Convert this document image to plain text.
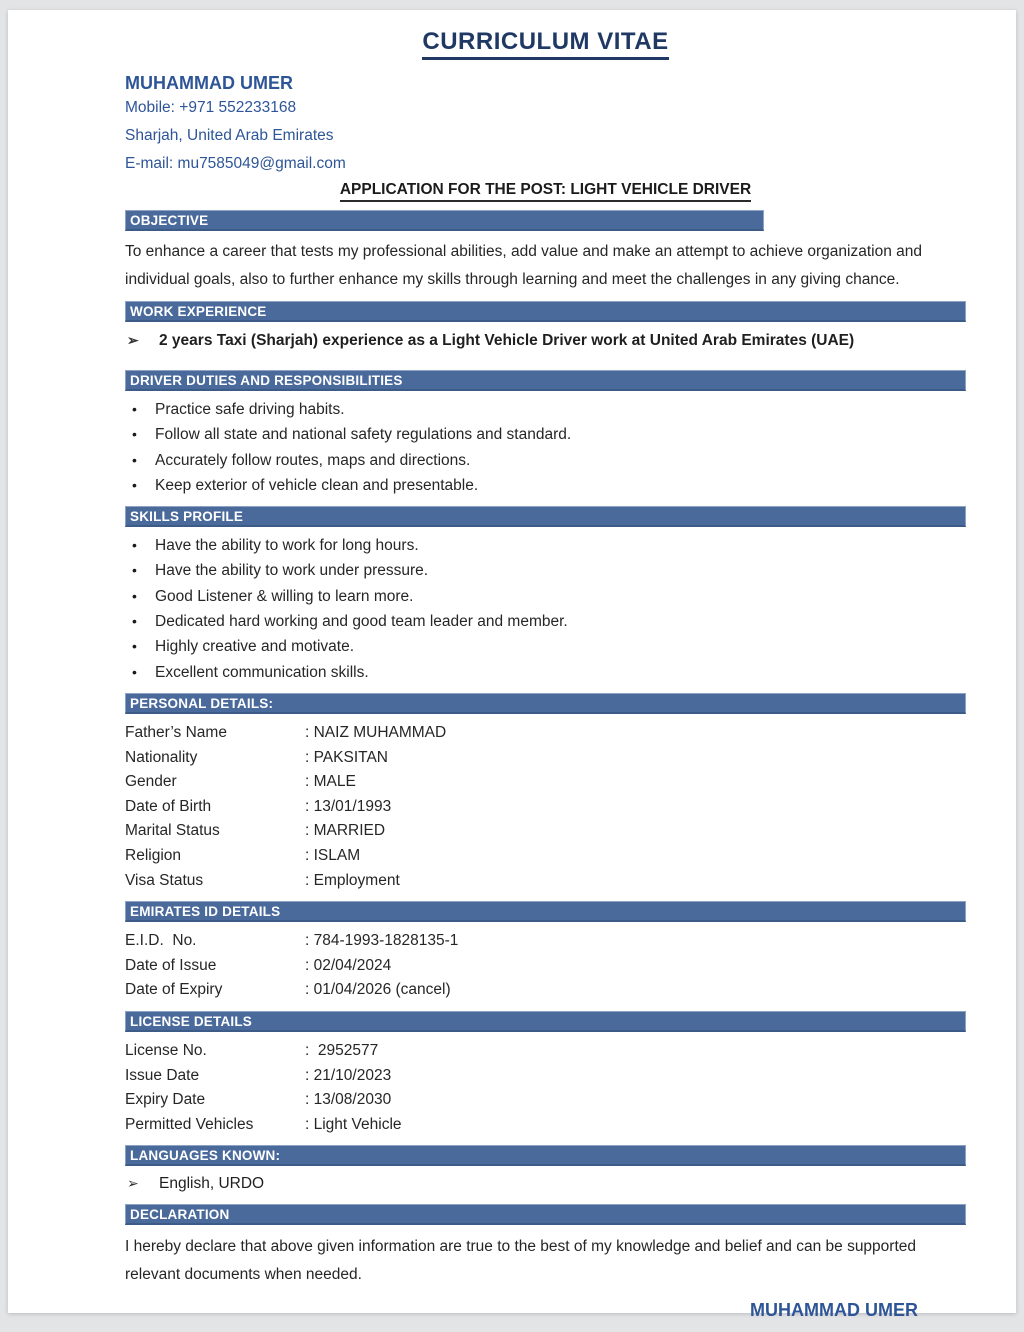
CURRICULUM VITAE
MUHAMMAD UMER
Mobile: +971 552233168
Sharjah, United Arab Emirates
E-mail: mu7585049@gmail.com
APPLICATION FOR THE POST: LIGHT VEHICLE DRIVER
OBJECTIVE
To enhance a career that tests my professional abilities, add value and make an attempt to achieve organization and individual goals, also to further enhance my skills through learning and meet the challenges in any giving chance.
WORK EXPERIENCE
➢	2 years Taxi (Sharjah) experience as a Light Vehicle Driver work at United Arab Emirates (UAE)
DRIVER DUTIES AND RESPONSIBILITIES
•	Practice safe driving habits.
•	Follow all state and national safety regulations and standard.
•	Accurately follow routes, maps and directions.
•	Keep exterior of vehicle clean and presentable.
SKILLS PROFILE
•	Have the ability to work for long hours.
•	Have the ability to work under pressure.
•	Good Listener & willing to learn more.
•	Dedicated hard working and good team leader and member.
•	Highly creative and motivate.
•	Excellent communication skills.
PERSONAL DETAILS:
Father’s Name	: NAIZ MUHAMMAD
Nationality	: PAKSITAN
Gender	: MALE
Date of Birth	: 13/01/1993
Marital Status	: MARRIED
Religion	: ISLAM
Visa Status	: Employment
EMIRATES ID DETAILS
E.I.D.  No.	: 784-1993-1828135-1
Date of Issue	: 02/04/2024
Date of Expiry	: 01/04/2026 (cancel)
LICENSE DETAILS
License No.	:  2952577
Issue Date	: 21/10/2023
Expiry Date	: 13/08/2030
Permitted Vehicles	: Light Vehicle
LANGUAGES KNOWN:
➢	English, URDO
DECLARATION
I hereby declare that above given information are true to the best of my knowledge and belief and can be supported relevant documents when needed.
MUHAMMAD UMER
